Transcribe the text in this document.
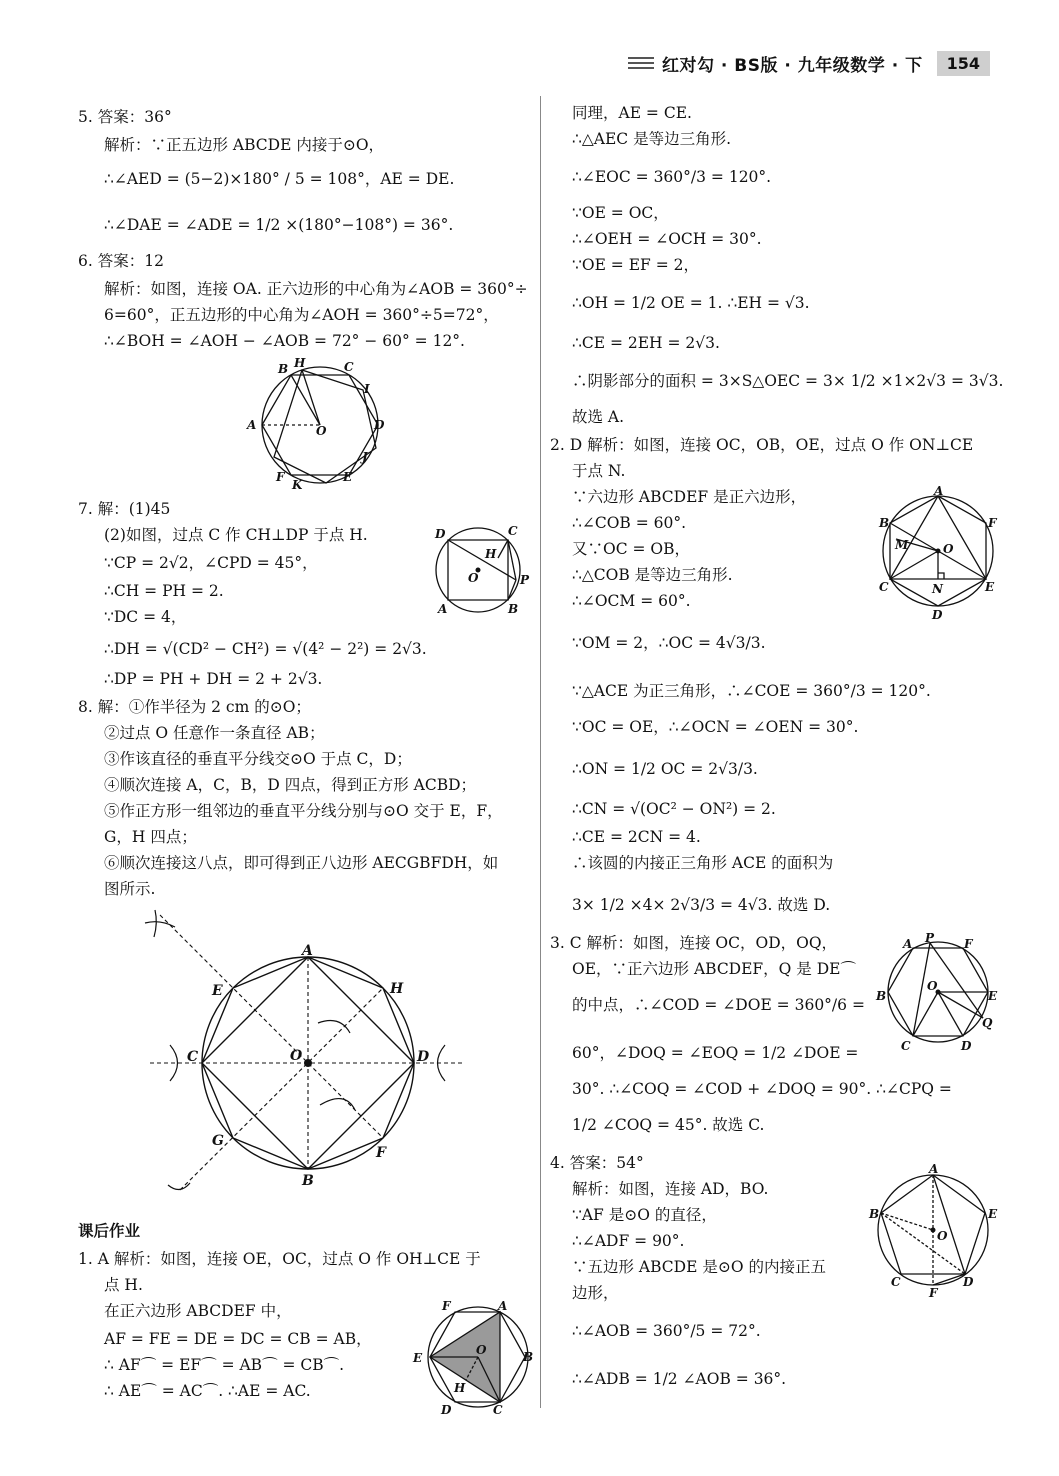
红对勾 · BS版 · 九年级数学 · 下	154
5. 答案：36°
解析：∵正五边形 ABCDE 内接于⊙O，
∴∠AED = (5−2)×180° / 5 = 108°，AE = DE.
∴∠DAE = ∠ADE = 1/2 ×(180°−108°) = 36°.
6. 答案：12
解析：如图，连接 OA. 正六边形的中心角为∠AOB = 360°÷
6=60°，正五边形的中心角为∠AOH = 360°÷5=72°，
∴∠BOH = ∠AOH − ∠AOB = 72° − 60° = 12°.
7. 解：(1)45
(2)如图，过点 C 作 CH⊥DP 于点 H.
∵CP = 2√2，∠CPD = 45°，
∴CH = PH = 2.
∵DC = 4，
∴DH = √(CD² − CH²) = √(4² − 2²) = 2√3.
∴DP = PH + DH = 2 + 2√3.
8. 解：①作半径为 2 cm 的⊙O；
②过点 O 任意作一条直径 AB；
③作该直径的垂直平分线交⊙O 于点 C，D；
④顺次连接 A，C，B，D 四点，得到正方形 ACBD；
⑤作正方形一组邻边的垂直平分线分别与⊙O 交于 E，F，
G，H 四点；
⑥顺次连接这八点，即可得到正八边形 AECGBFDH，如
图所示.
课后作业
1. A 解析：如图，连接 OE，OC，过点 O 作 OH⊥CE 于
点 H.
在正六边形 ABCDEF 中，
AF = FE = DE = DC = CB = AB，
∴ AF⌒ = EF⌒ = AB⌒ = CB⌒.
∴ AE⌒ = AC⌒. ∴AE = AC.
同理，AE = CE.
∴△AEC 是等边三角形.
∴∠EOC = 360°/3 = 120°.
∵OE = OC，
∴∠OEH = ∠OCH = 30°.
∵OE = EF = 2，
∴OH = 1/2 OE = 1. ∴EH = √3.
∴CE = 2EH = 2√3.
∴阴影部分的面积 = 3×S△OEC = 3× 1/2 ×1×2√3 = 3√3.
故选 A.
2. D 解析：如图，连接 OC，OB，OE，过点 O 作 ON⊥CE
于点 N.
∵六边形 ABCDEF 是正六边形，
∴∠COB = 60°.
又∵OC = OB，
∴△COB 是等边三角形.
∴∠OCM = 60°.
∵OM = 2，∴OC = 4√3/3.
∵△ACE 为正三角形，∴∠COE = 360°/3 = 120°.
∵OC = OE，∴∠OCN = ∠OEN = 30°.
∴ON = 1/2 OC = 2√3/3.
∴CN = √(OC² − ON²) = 2.
∴CE = 2CN = 4.
∴该圆的内接正三角形 ACE 的面积为
3× 1/2 ×4× 2√3/3 = 4√3. 故选 D.
3. C 解析：如图，连接 OC，OD，OQ，
OE，∵正六边形 ABCDEF，Q 是 DE⌒
的中点，∴∠COD = ∠DOE = 360°/6 =
60°，∠DOQ = ∠EOQ = 1/2 ∠DOE =
30°. ∴∠COQ = ∠COD + ∠DOQ = 90°. ∴∠CPQ =
1/2 ∠COQ = 45°. 故选 C.
4. 答案：54°
解析：如图，连接 AD，BO.
∵AF 是⊙O 的直径，
∴∠ADF = 90°.
∵五边形 ABCDE 是⊙O 的内接正五
边形，
∴∠AOB = 360°/5 = 72°.
∴∠ADB = 1/2 ∠AOB = 36°.
A
B H	C
I
D
J
E
K
F
O
D	C
H
O	P
A	B
A
H
D
F
B
G
C
E
O
F	A
B
C
D
E
O
H
A
F
E
D
C
B
M	O
N
A P F
E
Q
D
C
B
O
A
E
D
F
C
B
O
